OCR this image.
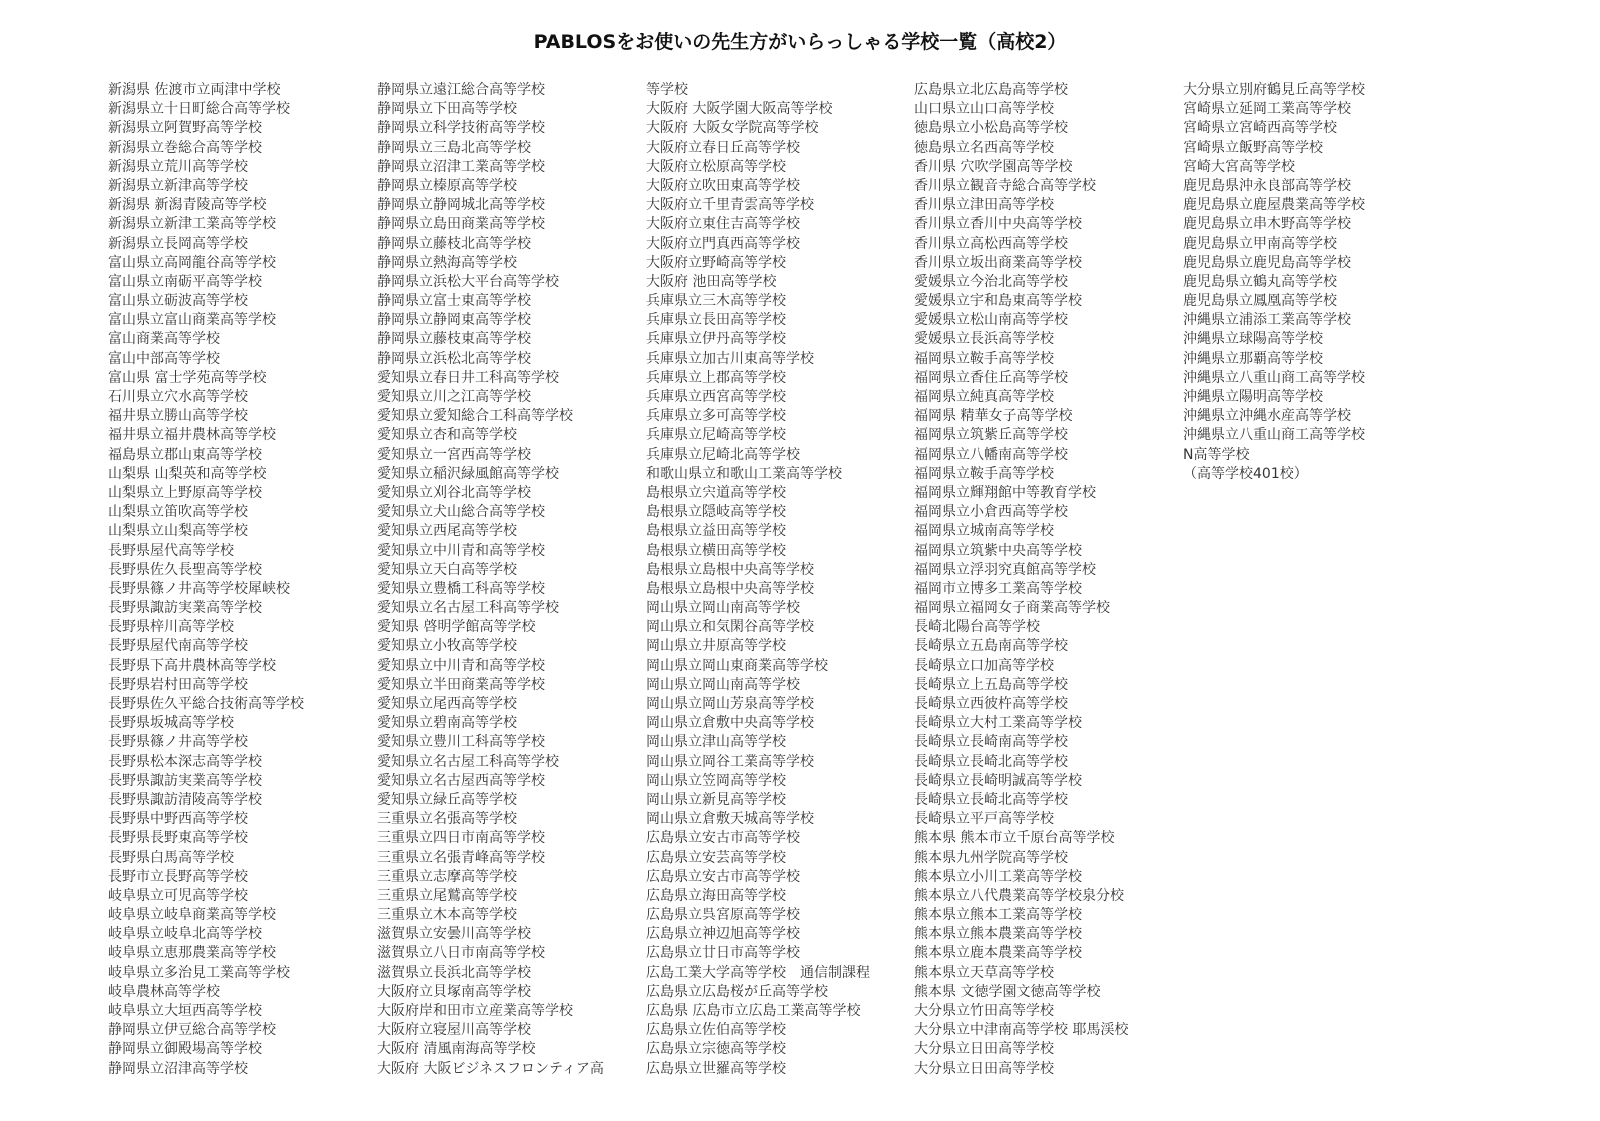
PABLOSをお使いの先生方がいらっしゃる学校一覧（高校2）
新潟県 佐渡市立両津中学校
新潟県立十日町総合高等学校
新潟県立阿賀野高等学校
新潟県立巻総合高等学校
新潟県立荒川高等学校
新潟県立新津高等学校
新潟県 新潟青陵高等学校
新潟県立新津工業高等学校
新潟県立長岡高等学校
富山県立高岡龍谷高等学校
富山県立南砺平高等学校
富山県立砺波高等学校
富山県立富山商業高等学校
富山商業高等学校
富山中部高等学校
富山県 富士学苑高等学校
石川県立穴水高等学校
福井県立勝山高等学校
福井県立福井農林高等学校
福島県立郡山東高等学校
山梨県 山梨英和高等学校
山梨県立上野原高等学校
山梨県立笛吹高等学校
山梨県立山梨高等学校
長野県屋代高等学校
長野県佐久長聖高等学校
長野県篠ノ井高等学校犀峡校
長野県諏訪実業高等学校
長野県梓川高等学校
長野県屋代南高等学校
長野県下高井農林高等学校
長野県岩村田高等学校
長野県佐久平総合技術高等学校
長野県坂城高等学校
長野県篠ノ井高等学校
長野県松本深志高等学校
長野県諏訪実業高等学校
長野県諏訪清陵高等学校
長野県中野西高等学校
長野県長野東高等学校
長野県白馬高等学校
長野市立長野高等学校
岐阜県立可児高等学校
岐阜県立岐阜商業高等学校
岐阜県立岐阜北高等学校
岐阜県立恵那農業高等学校
岐阜県立多治見工業高等学校
岐阜農林高等学校
岐阜県立大垣西高等学校
静岡県立伊豆総合高等学校
静岡県立御殿場高等学校
静岡県立沼津高等学校
静岡県立遠江総合高等学校
静岡県立下田高等学校
静岡県立科学技術高等学校
静岡県立三島北高等学校
静岡県立沼津工業高等学校
静岡県立榛原高等学校
静岡県立静岡城北高等学校
静岡県立島田商業高等学校
静岡県立藤枝北高等学校
静岡県立熱海高等学校
静岡県立浜松大平台高等学校
静岡県立富士東高等学校
静岡県立静岡東高等学校
静岡県立藤枝東高等学校
静岡県立浜松北高等学校
愛知県立春日井工科高等学校
愛知県立川之江高等学校
愛知県立愛知総合工科高等学校
愛知県立杏和高等学校
愛知県立一宮西高等学校
愛知県立稲沢緑風館高等学校
愛知県立刈谷北高等学校
愛知県立犬山総合高等学校
愛知県立西尾高等学校
愛知県立中川青和高等学校
愛知県立天白高等学校
愛知県立豊橋工科高等学校
愛知県立名古屋工科高等学校
愛知県 啓明学館高等学校
愛知県立小牧高等学校
愛知県立中川青和高等学校
愛知県立半田商業高等学校
愛知県立尾西高等学校
愛知県立碧南高等学校
愛知県立豊川工科高等学校
愛知県立名古屋工科高等学校
愛知県立名古屋西高等学校
愛知県立緑丘高等学校
三重県立名張高等学校
三重県立四日市南高等学校
三重県立名張青峰高等学校
三重県立志摩高等学校
三重県立尾鷲高等学校
三重県立木本高等学校
滋賀県立安曇川高等学校
滋賀県立八日市南高等学校
滋賀県立長浜北高等学校
大阪府立貝塚南高等学校
大阪府岸和田市立産業高等学校
大阪府立寝屋川高等学校
大阪府 清風南海高等学校
大阪府 大阪ビジネスフロンティア高
等学校
大阪府 大阪学園大阪高等学校
大阪府 大阪女学院高等学校
大阪府立春日丘高等学校
大阪府立松原高等学校
大阪府立吹田東高等学校
大阪府立千里青雲高等学校
大阪府立東住吉高等学校
大阪府立門真西高等学校
大阪府立野崎高等学校
大阪府 池田高等学校
兵庫県立三木高等学校
兵庫県立長田高等学校
兵庫県立伊丹高等学校
兵庫県立加古川東高等学校
兵庫県立上郡高等学校
兵庫県立西宮高等学校
兵庫県立多可高等学校
兵庫県立尼崎高等学校
兵庫県立尼崎北高等学校
和歌山県立和歌山工業高等学校
島根県立宍道高等学校
島根県立隠岐高等学校
島根県立益田高等学校
島根県立横田高等学校
島根県立島根中央高等学校
島根県立島根中央高等学校
岡山県立岡山南高等学校
岡山県立和気閑谷高等学校
岡山県立井原高等学校
岡山県立岡山東商業高等学校
岡山県立岡山南高等学校
岡山県立岡山芳泉高等学校
岡山県立倉敷中央高等学校
岡山県立津山高等学校
岡山県立岡谷工業高等学校
岡山県立笠岡高等学校
岡山県立新見高等学校
岡山県立倉敷天城高等学校
広島県立安古市高等学校
広島県立安芸高等学校
広島県立安古市高等学校
広島県立海田高等学校
広島県立呉宮原高等学校
広島県立神辺旭高等学校
広島県立廿日市高等学校
広島工業大学高等学校　通信制課程
広島県立広島桜が丘高等学校
広島県 広島市立広島工業高等学校
広島県立佐伯高等学校
広島県立宗徳高等学校
広島県立世羅高等学校
広島県立北広島高等学校
山口県立山口高等学校
徳島県立小松島高等学校
徳島県立名西高等学校
香川県 穴吹学園高等学校
香川県立観音寺総合高等学校
香川県立津田高等学校
香川県立香川中央高等学校
香川県立高松西高等学校
香川県立坂出商業高等学校
愛媛県立今治北高等学校
愛媛県立宇和島東高等学校
愛媛県立松山南高等学校
愛媛県立長浜高等学校
福岡県立鞍手高等学校
福岡県立香住丘高等学校
福岡県立純真高等学校
福岡県 精華女子高等学校
福岡県立筑紫丘高等学校
福岡県立八幡南高等学校
福岡県立鞍手高等学校
福岡県立輝翔館中等教育学校
福岡県立小倉西高等学校
福岡県立城南高等学校
福岡県立筑紫中央高等学校
福岡県立浮羽究真館高等学校
福岡市立博多工業高等学校
福岡県立福岡女子商業高等学校
長崎北陽台高等学校
長崎県立五島南高等学校
長崎県立口加高等学校
長崎県立上五島高等学校
長崎県立西彼杵高等学校
長崎県立大村工業高等学校
長崎県立長崎南高等学校
長崎県立長崎北高等学校
長崎県立長崎明誠高等学校
長崎県立長崎北高等学校
長崎県立平戸高等学校
熊本県 熊本市立千原台高等学校
熊本県九州学院高等学校
熊本県立小川工業高等学校
熊本県立八代農業高等学校泉分校
熊本県立熊本工業高等学校
熊本県立熊本農業高等学校
熊本県立鹿本農業高等学校
熊本県立天草高等学校
熊本県 文徳学園文徳高等学校
大分県立竹田高等学校
大分県立中津南高等学校 耶馬渓校
大分県立日田高等学校
大分県立日田高等学校
大分県立別府鶴見丘高等学校
宮崎県立延岡工業高等学校
宮崎県立宮崎西高等学校
宮崎県立飯野高等学校
宮崎大宮高等学校
鹿児島県沖永良部高等学校
鹿児島県立鹿屋農業高等学校
鹿児島県立串木野高等学校
鹿児島県立甲南高等学校
鹿児島県立鹿児島高等学校
鹿児島県立鶴丸高等学校
鹿児島県立鳳凰高等学校
沖縄県立浦添工業高等学校
沖縄県立球陽高等学校
沖縄県立那覇高等学校
沖縄県立八重山商工高等学校
沖縄県立陽明高等学校
沖縄県立沖縄水産高等学校
沖縄県立八重山商工高等学校
N高等学校
（高等学校401校）
